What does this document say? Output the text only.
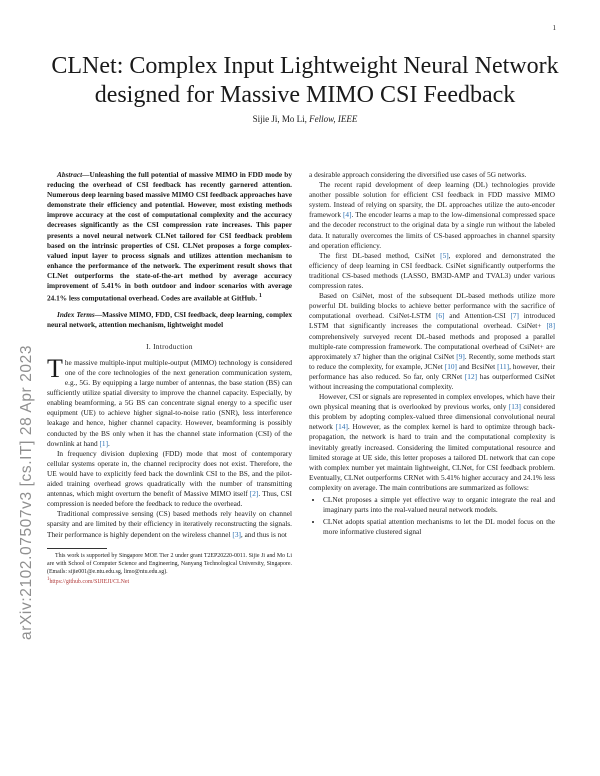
1
arXiv:2102.07507v3 [cs.IT] 28 Apr 2023
CLNet: Complex Input Lightweight Neural Network designed for Massive MIMO CSI Feedback
Sijie Ji, Mo Li, Fellow, IEEE

Abstract—Unleashing the full potential of massive MIMO in FDD mode by reducing the overhead of CSI feedback has recently garnered attention. Numerous deep learning based massive MIMO CSI feedback approaches have demonstrate their efficiency and potential. However, most existing methods improve accuracy at the cost of computational complexity and the accuracy decreases significantly as the CSI compression rate increases. This paper presents a novel neural network CLNet tailored for CSI feedback problem based on the intrinsic properties of CSI. CLNet proposes a forge complex-valued input layer to process signals and utilizes attention mechanism to enhance the performance of the network. The experiment result shows that CLNet outperforms the state-of-the-art method by average accuracy improvement of 5.41% in both outdoor and indoor scenarios with average 24.1% less computational overhead. Codes are available at GitHub. $^1$

Index Terms—Massive MIMO, FDD, CSI feedback, deep learning, complex neural network, attention mechanism, lightweight model

I. Introduction

The massive multiple-input multiple-output (MIMO) technology is considered one of the core technologies of the next generation communication system, e.g., 5G. By equipping a large number of antennas, the base station (BS) can sufficiently utilize spatial diversity to improve the channel capacity. Especially, by enabling beamforming, a 5G BS can concentrate signal energy to a specific user equipment (UE) to achieve higher signal-to-noise ratio (SNR), less interference leakage and hence, higher channel capacity. However, beamforming is possibly conducted by the BS only when it has the channel state information (CSI) of the downlink at hand [1].

In frequency division duplexing (FDD) mode that most of contemporary cellular systems operate in, the channel reciprocity does not exist. Therefore, the UE would have to explicitly feed back the downlink CSI to the BS, and the pilot-aided training overhead grows quadratically with the number of transmitting antennas, which might overturn the benefit of Massive MIMO itself [2]. Thus, CSI compression is needed before the feedback to reduce the overhead.

Traditional compressive sensing (CS) based methods rely heavily on channel sparsity and are limited by their efficiency in iteratively reconstructing the signals. Their performance is highly dependent on the wireless channel [3], and thus is not

This work is supported by Singapore MOE Tier 2 under grant T2EP20220-0011. Sijie Ji and Mo Li are with School of Computer Science and Engineering, Nanyang Technological University, Singapore. (Emails: sijie001@e.ntu.edu.sg, limo@ntu.edu.sg).

$^1$https://github.com/SIJIEJI/CLNet

a desirable approach considering the diversified use cases of 5G networks.

The recent rapid development of deep learning (DL) technologies provide another possible solution for efficient CSI feedback in FDD massive MIMO system. Instead of relying on sparsity, the DL approaches utilize the auto-encoder framework [4]. The encoder learns a map to the low-dimensional compressed space and the decoder reconstruct to the original data by a single run without the labeled data. It naturally overcomes the limits of CS-based approaches in channel sparsity and operation efficiency.

The first DL-based method, CsiNet [5], explored and demonstrated the efficiency of deep learning in CSI feedback. CsiNet significantly outperforms the traditional CS-based methods (LASSO, BM3D-AMP and TVAL3) under various compression rates.

Based on CsiNet, most of the subsequent DL-based methods utilize more powerful DL building blocks to achieve better performance with the sacrifice of computational overhead. CsiNet-LSTM [6] and Attention-CSI [7] introduced LSTM that significantly increases the computational overhead. CsiNet+ [8] comprehensively surveyed recent DL-based methods and proposed a parallel multiple-rate compression framework. The computational overhead of CsiNet+ are approximately x7 higher than the original CsiNet [9]. Recently, some methods start to reduce the complexity, for example, JCNet [10] and BcsiNet [11], however, their performance has also reduced. So far, only CRNet [12] has outperformed CsiNet without increasing the computational complexity.

However, CSI or signals are represented in complex envelopes, which have their own physical meaning that is overlooked by previous works, only [13] considered this problem by adopting complex-valued three dimensional convolutional neural network [14]. However, as the complex kernel is hard to optimize through back-propagation, the network is hard to train and the computational complexity is inevitably greatly increased. Considering the limited computational resource and limited storage at UE side, this letter proposes a tailored DL network that can cope with complex number yet maintain lightweight, CLNet, for CSI feedback problem. Eventually, CLNet outperforms CRNet with 5.41% higher accuracy and 24.1% less complexity on average. The main contributions are summarized as follows:

• CLNet proposes a simple yet effective way to organic integrate the real and imaginary parts into the real-valued neural network models.
• CLNet adopts spatial attention mechanisms to let the DL model focus on the more informative clustered signal
